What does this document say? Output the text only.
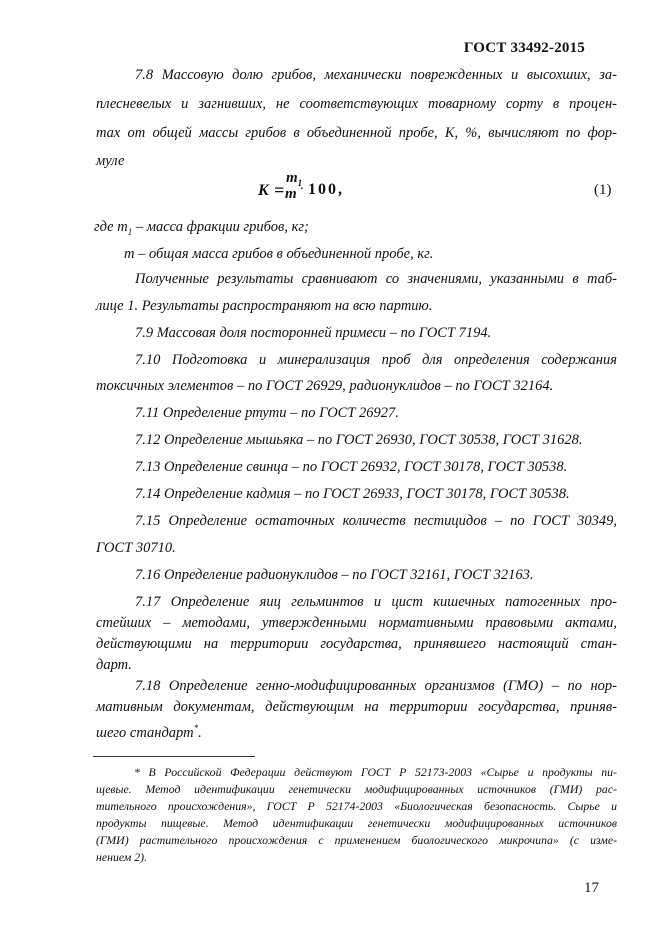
ГОСТ 33492-2015
7.8 Массовую долю грибов, механически поврежденных и высохших, за-
плесневелых и загнивших, не соответствующих товарному сорту в процен-
тах от общей массы грибов в объединенной пробе, К, %, вычисляют по фор-
муле
K =
$m_1$
m · 100,	(1)
где $m_1$ – масса фракции грибов, кг;
m – общая масса грибов в объединенной пробе, кг.
Полученные результаты сравнивают со значениями, указанными в таб-
лице 1. Результаты распространяют на всю партию.
7.9 Массовая доля посторонней примеси – по ГОСТ 7194.
7.10 Подготовка и минерализация проб для определения содержания
токсичных элементов – по ГОСТ 26929, радионуклидов – по ГОСТ 32164.
7.11 Определение ртути – по ГОСТ 26927.
7.12 Определение мышьяка – по ГОСТ 26930, ГОСТ 30538, ГОСТ 31628.
7.13 Определение свинца – по ГОСТ 26932, ГОСТ 30178, ГОСТ 30538.
7.14 Определение кадмия – по ГОСТ 26933, ГОСТ 30178, ГОСТ 30538.
7.15 Определение остаточных количеств пестицидов – по ГОСТ 30349,
ГОСТ 30710.
7.16 Определение радионуклидов – по ГОСТ 32161, ГОСТ 32163.
7.17 Определение яиц гельминтов и цист кишечных патогенных про-
стейших – методами, утвержденными нормативными правовыми актами,
действующими на территории государства, принявшего настоящий стан-
дарт.
7.18 Определение генно-модифицированных организмов (ГМО) – по нор-
мативным документам, действующим на территории государства, приняв-
шего стандарт*.
* В Российской Федерации действуют ГОСТ Р 52173-2003 «Сырье и продукты пи-
щевые. Метод идентификации генетически модифицированных источников (ГМИ) рас-
тительного происхождения», ГОСТ Р 52174-2003 «Биологическая безопасность. Сырье и
продукты пищевые. Метод идентификации генетически модифицированных источников
(ГМИ) растительного происхождения с применением биологического микрочипа» (с изме-
нением 2).
17
